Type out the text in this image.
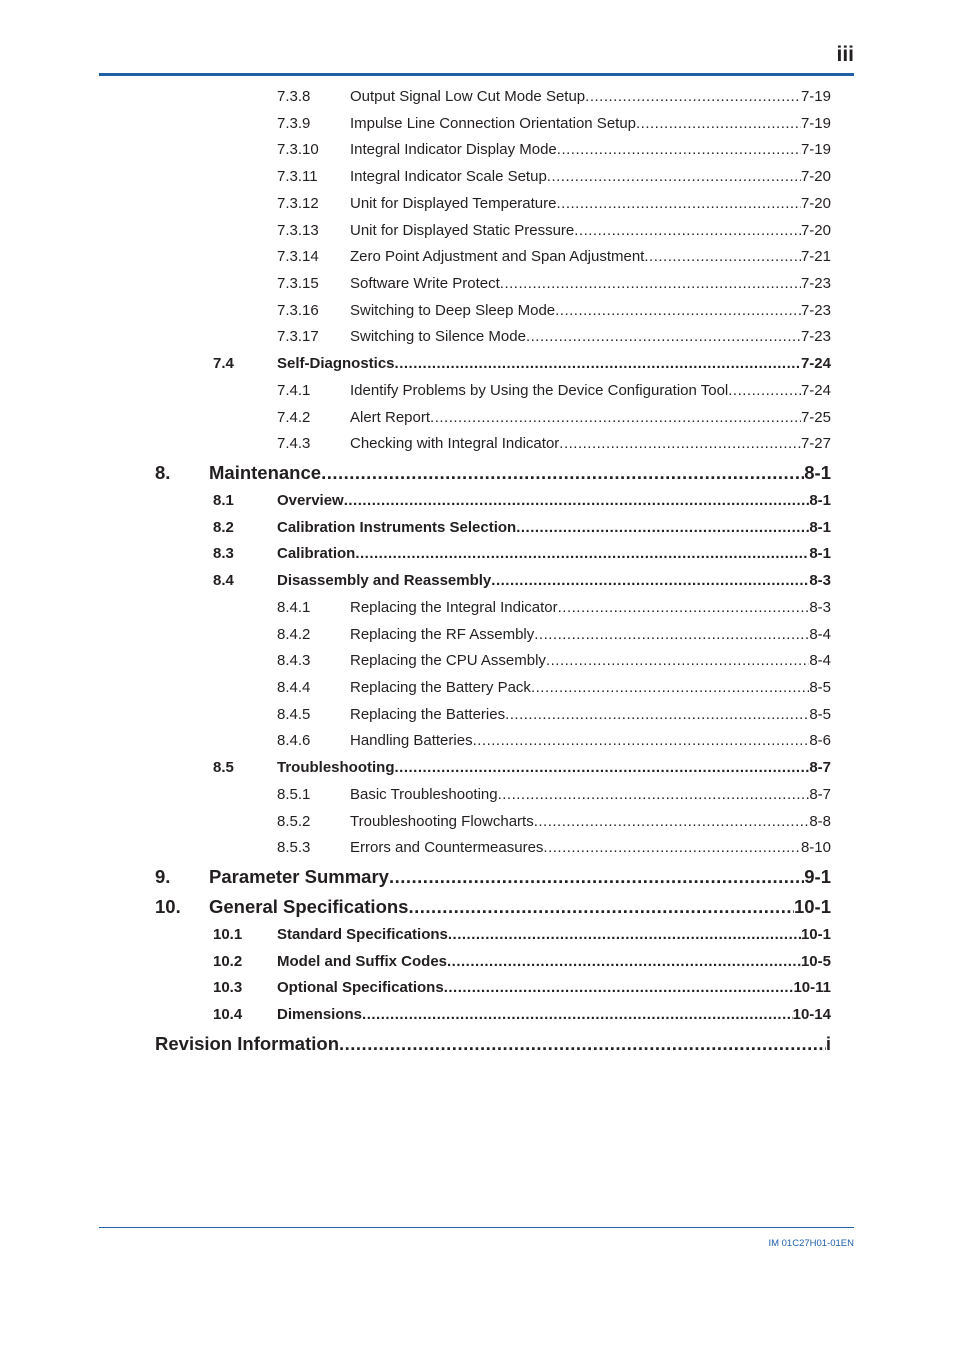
iii
7.3.8	Output Signal Low Cut Mode Setup .....	7-19
7.3.9	Impulse Line Connection Orientation Setup .....	7-19
7.3.10 Integral Indicator Display Mode .....	7-19
7.3.11 Integral Indicator Scale Setup .....	7-20
7.3.12 Unit for Displayed Temperature .....	7-20
7.3.13 Unit for Displayed Static Pressure .....	7-20
7.3.14 Zero Point Adjustment and Span Adjustment .....	7-21
7.3.15 Software Write Protect .....	7-23
7.3.16 Switching to Deep Sleep Mode .....	7-23
7.3.17 Switching to Silence Mode .....	7-23
7.4	Self-Diagnostics .....	7-24
7.4.1	Identify Problems by Using the Device Configuration Tool .....	7-24
7.4.2	Alert Report .....	7-25
7.4.3	Checking with Integral Indicator .....	7-27
8. Maintenance .....	8-1
8.1	Overview .....	8-1
8.2	Calibration Instruments Selection .....	8-1
8.3	Calibration .....	8-1
8.4	Disassembly and Reassembly .....	8-3
8.4.1	Replacing the Integral Indicator .....	8-3
8.4.2	Replacing the RF Assembly .....	8-4
8.4.3	Replacing the CPU Assembly .....	8-4
8.4.4	Replacing the Battery Pack .....	8-5
8.4.5	Replacing the Batteries .....	8-5
8.4.6	Handling Batteries .....	8-6
8.5	Troubleshooting .....	8-7
8.5.1	Basic Troubleshooting .....	8-7
8.5.2	Troubleshooting Flowcharts .....	8-8
8.5.3	Errors and Countermeasures .....	8-10
9. Parameter Summary .....	9-1
10. General Specifications .....	10-1
10.1 Standard Specifications .....	10-1
10.2 Model and Suffix Codes .....	10-5
10.3 Optional Specifications .....	10-11
10.4 Dimensions .....	10-14
Revision Information .....	i
IM 01C27H01-01EN
